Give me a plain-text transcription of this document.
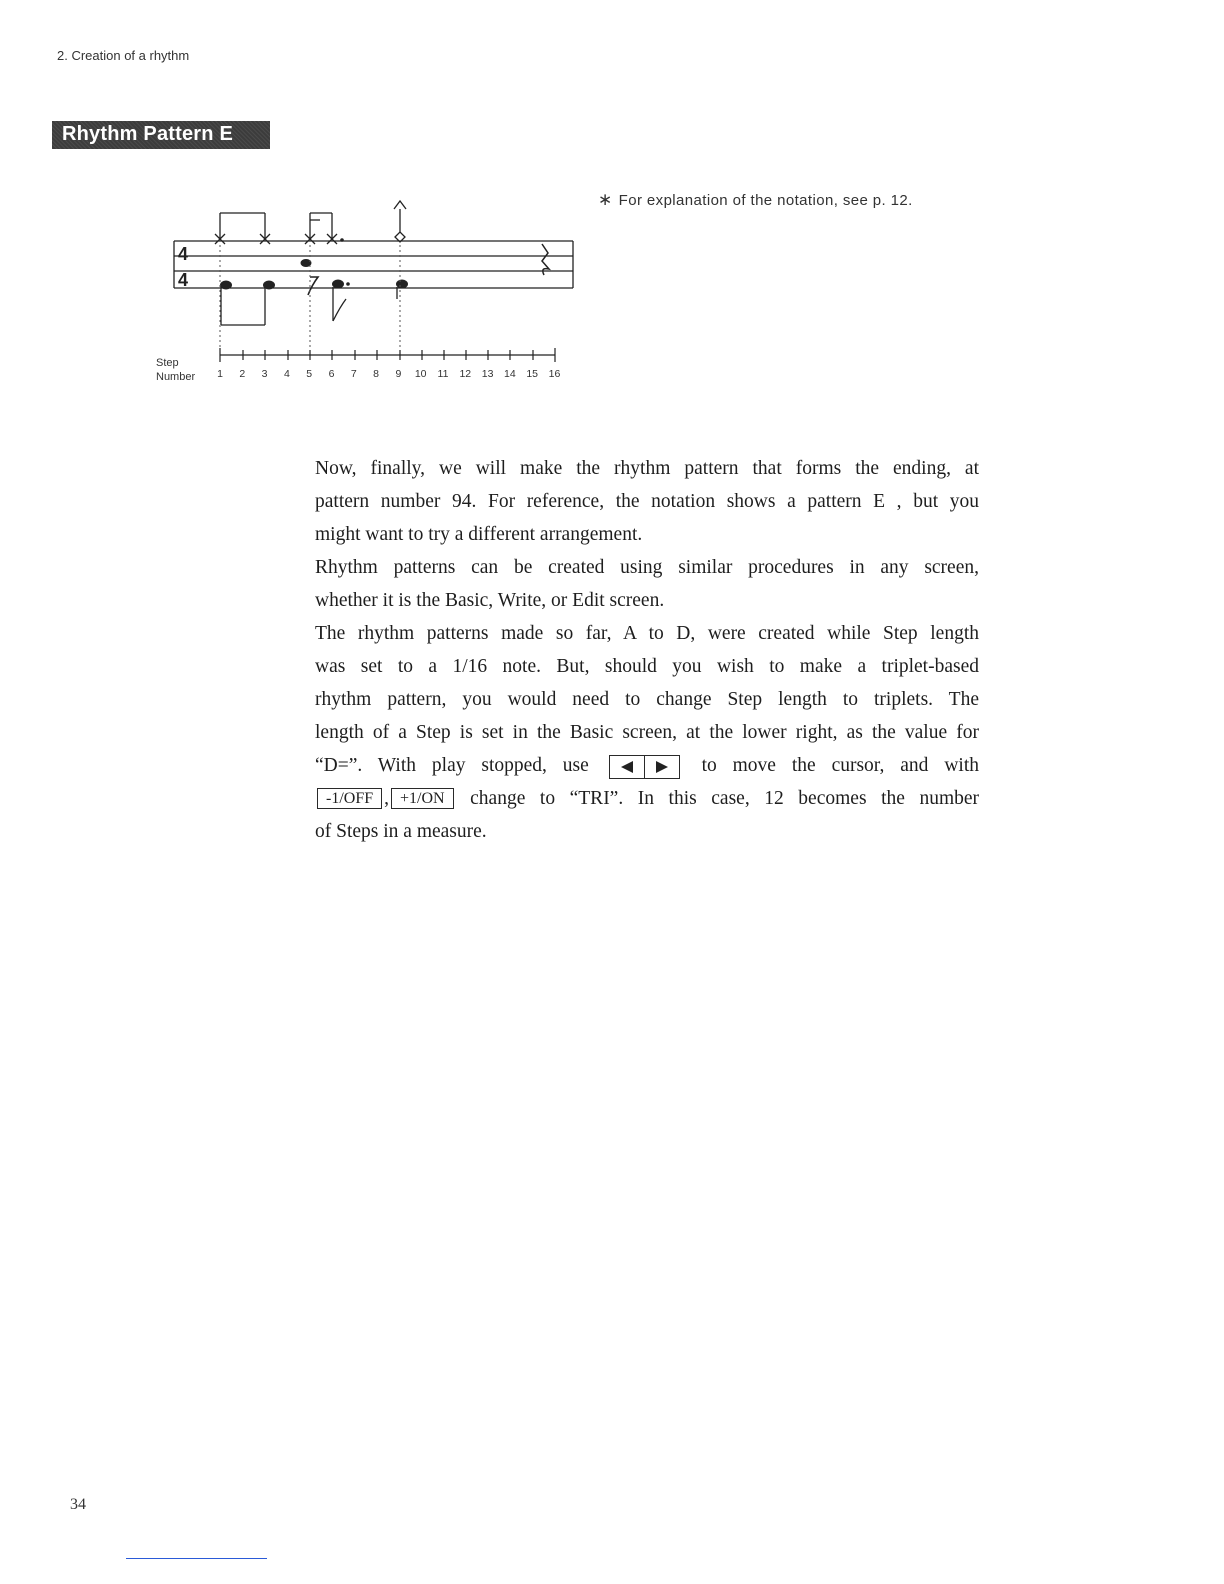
2. Creation of a rhythm
Rhythm Pattern E
∗ For explanation of the notation, see p. 12.
4
4
Step
Number 1 2 3 4 5 6 7 8 9 10 11 12 13 14 15 16

Now, finally, we will make the rhythm pattern that forms the ending, at

pattern number 94. For reference, the notation shows a pattern E , but you

might want to try a different arrangement.

Rhythm patterns can be created using similar procedures in any screen,

whether it is the Basic, Write, or Edit screen.

The rhythm patterns made so far, A to D, were created while Step length

was set to a 1/16 note. But, should you wish to make a triplet-based

rhythm pattern, you would need to change Step length to triplets. The

length of a Step is set in the Basic screen, at the lower right, as the value for

“D=”. With play stopped, use	to move the cursor, and with

-1/OFF , +1/ON change to “TRI”. In this case, 12 becomes the number

of Steps in a measure.

34
